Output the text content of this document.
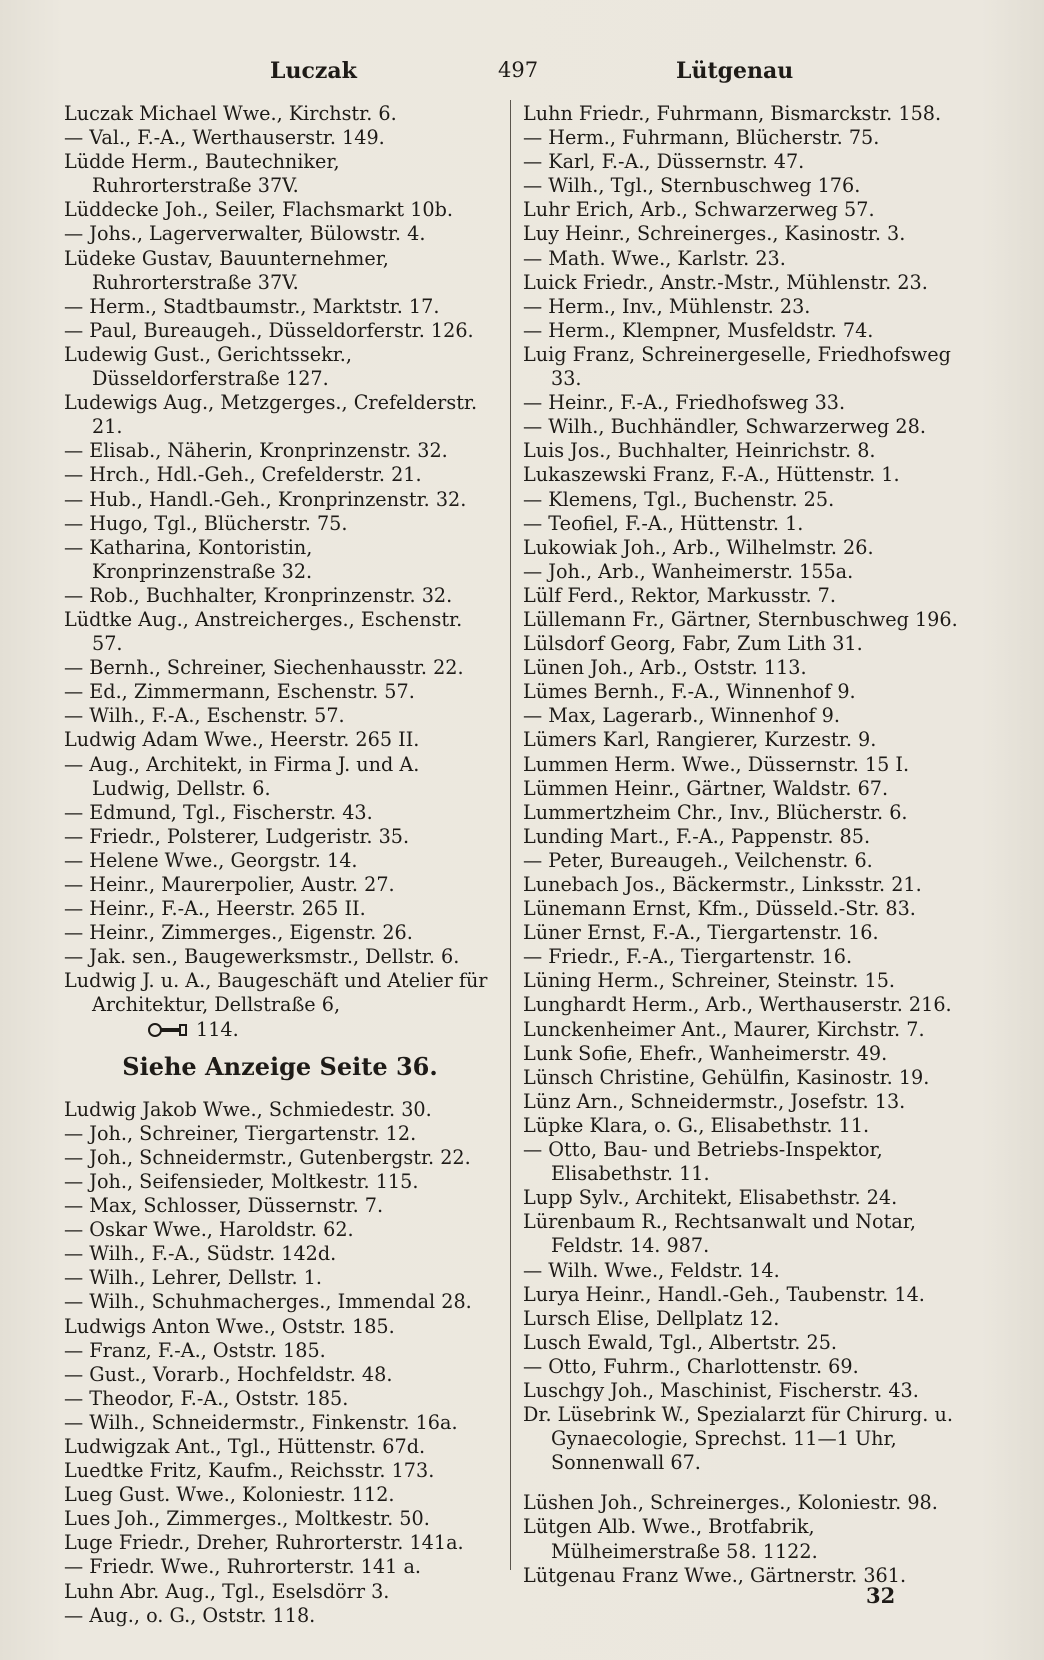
Luczak	497	Lütgenau
Luczak Michael Wwe., Kirchstr. 6.
— Val., F.-A., Werthauserstr. 149.
Lüdde Herm., Bautechniker, Ruhrorterstraße 37V.
Lüddecke Joh., Seiler, Flachsmarkt 10b.
— Johs., Lagerverwalter, Bülowstr. 4.
Lüdeke Gustav, Bauunternehmer, Ruhrorterstraße 37V.
— Herm., Stadtbaumstr., Marktstr. 17.
— Paul, Bureaugeh., Düsseldorferstr. 126.
Ludewig Gust., Gerichtssekr., Düsseldorferstraße 127.
Ludewigs Aug., Metzgerges., Crefelderstr. 21.
— Elisab., Näherin, Kronprinzenstr. 32.
— Hrch., Hdl.-Geh., Crefelderstr. 21.
— Hub., Handl.-Geh., Kronprinzenstr. 32.
— Hugo, Tgl., Blücherstr. 75.
— Katharina, Kontoristin, Kronprinzenstraße 32.
— Rob., Buchhalter, Kronprinzenstr. 32.
Lüdtke Aug., Anstreicherges., Eschenstr. 57.
— Bernh., Schreiner, Siechenhausstr. 22.
— Ed., Zimmermann, Eschenstr. 57.
— Wilh., F.-A., Eschenstr. 57.
Ludwig Adam Wwe., Heerstr. 265 II.
— Aug., Architekt, in Firma J. und A. Ludwig, Dellstr. 6.
— Edmund, Tgl., Fischerstr. 43.
— Friedr., Polsterer, Ludgeristr. 35.
— Helene Wwe., Georgstr. 14.
— Heinr., Maurerpolier, Austr. 27.
— Heinr., F.-A., Heerstr. 265 II.
— Heinr., Zimmerges., Eigenstr. 26.
— Jak. sen., Baugewerksmstr., Dellstr. 6.
Ludwig J. u. A., Baugeschäft und Atelier für Architektur, Dellstraße 6,
114.
Siehe Anzeige Seite 36.
Ludwig Jakob Wwe., Schmiedestr. 30.
— Joh., Schreiner, Tiergartenstr. 12.
— Joh., Schneidermstr., Gutenbergstr. 22.
— Joh., Seifensieder, Moltkestr. 115.
— Max, Schlosser, Düssernstr. 7.
— Oskar Wwe., Haroldstr. 62.
— Wilh., F.-A., Südstr. 142d.
— Wilh., Lehrer, Dellstr. 1.
— Wilh., Schuhmacherges., Immendal 28.
Ludwigs Anton Wwe., Oststr. 185.
— Franz, F.-A., Oststr. 185.
— Gust., Vorarb., Hochfeldstr. 48.
— Theodor, F.-A., Oststr. 185.
— Wilh., Schneidermstr., Finkenstr. 16a.
Ludwigzak Ant., Tgl., Hüttenstr. 67d.
Luedtke Fritz, Kaufm., Reichsstr. 173.
Lueg Gust. Wwe., Koloniestr. 112.
Lues Joh., Zimmerges., Moltkestr. 50.
Luge Friedr., Dreher, Ruhrorterstr. 141a.
— Friedr. Wwe., Ruhrorterstr. 141 a.
Luhn Abr. Aug., Tgl., Eselsdörr 3.
— Aug., o. G., Oststr. 118.
Luhn Friedr., Fuhrmann, Bismarckstr. 158.
— Herm., Fuhrmann, Blücherstr. 75.
— Karl, F.-A., Düssernstr. 47.
— Wilh., Tgl., Sternbuschweg 176.
Luhr Erich, Arb., Schwarzerweg 57.
Luy Heinr., Schreinerges., Kasinostr. 3.
— Math. Wwe., Karlstr. 23.
Luick Friedr., Anstr.-Mstr., Mühlenstr. 23.
— Herm., Inv., Mühlenstr. 23.
— Herm., Klempner, Musfeldstr. 74.
Luig Franz, Schreinergeselle, Friedhofsweg 33.
— Heinr., F.-A., Friedhofsweg 33.
— Wilh., Buchhändler, Schwarzerweg 28.
Luis Jos., Buchhalter, Heinrichstr. 8.
Lukaszewski Franz, F.-A., Hüttenstr. 1.
— Klemens, Tgl., Buchenstr. 25.
— Teofiel, F.-A., Hüttenstr. 1.
Lukowiak Joh., Arb., Wilhelmstr. 26.
— Joh., Arb., Wanheimerstr. 155a.
Lülf Ferd., Rektor, Markusstr. 7.
Lüllemann Fr., Gärtner, Sternbuschweg 196.
Lülsdorf Georg, Fabr, Zum Lith 31.
Lünen Joh., Arb., Oststr. 113.
Lümes Bernh., F.-A., Winnenhof 9.
— Max, Lagerarb., Winnenhof 9.
Lümers Karl, Rangierer, Kurzestr. 9.
Lummen Herm. Wwe., Düssernstr. 15 I.
Lümmen Heinr., Gärtner, Waldstr. 67.
Lummertzheim Chr., Inv., Blücherstr. 6.
Lunding Mart., F.-A., Pappenstr. 85.
— Peter, Bureaugeh., Veilchenstr. 6.
Lunebach Jos., Bäckermstr., Linksstr. 21.
Lünemann Ernst, Kfm., Düsseld.-Str. 83.
Lüner Ernst, F.-A., Tiergartenstr. 16.
— Friedr., F.-A., Tiergartenstr. 16.
Lüning Herm., Schreiner, Steinstr. 15.
Lunghardt Herm., Arb., Werthauserstr. 216.
Lunckenheimer Ant., Maurer, Kirchstr. 7.
Lunk Sofie, Ehefr., Wanheimerstr. 49.
Lünsch Christine, Gehülfin, Kasinostr. 19.
Lünz Arn., Schneidermstr., Josefstr. 13.
Lüpke Klara, o. G., Elisabethstr. 11.
— Otto, Bau- und Betriebs-Inspektor, Elisabethstr. 11.
Lupp Sylv., Architekt, Elisabethstr. 24.
Lürenbaum R., Rechtsanwalt und Notar, Feldstr. 14. 987.
— Wilh. Wwe., Feldstr. 14.
Lurya Heinr., Handl.-Geh., Taubenstr. 14.
Lursch Elise, Dellplatz 12.
Lusch Ewald, Tgl., Albertstr. 25.
— Otto, Fuhrm., Charlottenstr. 69.
Luschgy Joh., Maschinist, Fischerstr. 43.
Dr. Lüsebrink W., Spezialarzt für Chirurg. u. Gynaecologie, Sprechst. 11—1 Uhr, Sonnenwall 67.
Lüshen Joh., Schreinerges., Koloniestr. 98.
Lütgen Alb. Wwe., Brotfabrik, Mülheimerstraße 58. 1122.
Lütgenau Franz Wwe., Gärtnerstr. 361.
32
